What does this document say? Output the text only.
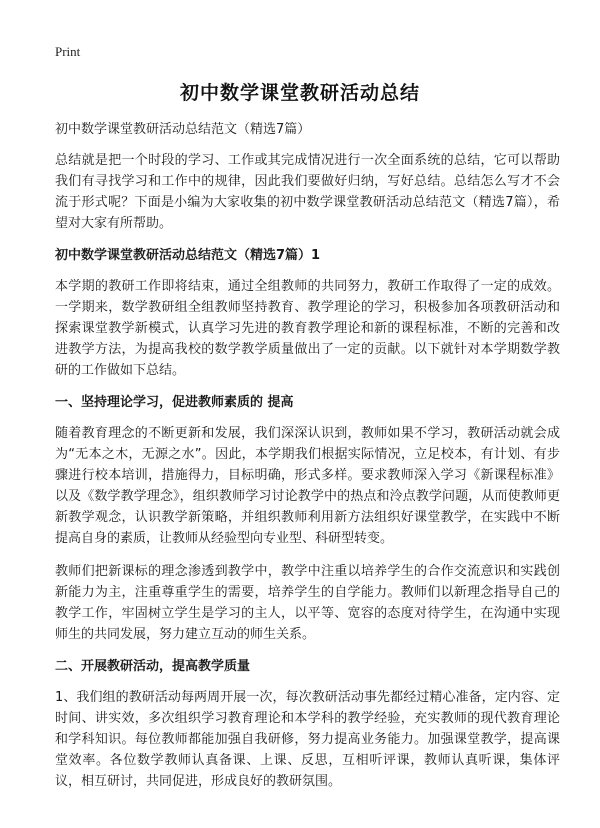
Print
初中数学课堂教研活动总结
初中数学课堂教研活动总结范文（精选7篇）

总结就是把一个时段的学习、工作或其完成情况进行一次全面系统的总结，它可以帮助我们有寻找学习和工作中的规律，因此我们要做好归纳，写好总结。总结怎么写才不会流于形式呢？下面是小编为大家收集的初中数学课堂教研活动总结范文（精选7篇），希望对大家有所帮助。

初中数学课堂教研活动总结范文（精选7篇）1

本学期的教研工作即将结束，通过全组教师的共同努力，教研工作取得了一定的成效。一学期来，数学教研组全组教师坚持教育、教学理论的学习，积极参加各项教研活动和探索课堂教学新模式，认真学习先进的教育教学理论和新的课程标准，不断的完善和改进教学方法，为提高我校的数学教学质量做出了一定的贡献。以下就针对本学期数学教研的工作做如下总结。

一、坚持理论学习，促进教师素质的 提高

随着教育理念的不断更新和发展，我们深深认识到，教师如果不学习，教研活动就会成为“无本之木，无源之水”。因此，本学期我们根据实际情况，立足校本，有计划、有步骤进行校本培训，措施得力，目标明确，形式多样。要求教师深入学习《新课程标准》以及《数学教学理念》，组织教师学习讨论教学中的热点和泠点教学问题，从而使教师更新教学观念，认识教学新策略，并组织教师利用新方法组织好课堂教学，在实践中不断提高自身的素质，让教师从经验型向专业型、科研型转变。

教师们把新课标的理念渗透到教学中，教学中注重以培养学生的合作交流意识和实践创新能力为主，注重尊重学生的需要，培养学生的自学能力。教师们以新理念指导自己的教学工作，牢固树立学生是学习的主人，以平等、宽容的态度对待学生，在沟通中实现师生的共同发展，努力建立互动的师生关系。

二、开展教研活动，提高教学质量

1、我们组的教研活动每两周开展一次，每次教研活动事先都经过精心准备，定内容、定时间、讲实效，多次组织学习教育理论和本学科的教学经验，充实教师的现代教育理论和学科知识。每位教师都能加强自我研修，努力提高业务能力。加强课堂教学，提高课堂效率。各位数学教师认真备课、上课、反思，互相听评课，教师认真听课，集体评议，相互研讨，共同促进，形成良好的教研氛围。
